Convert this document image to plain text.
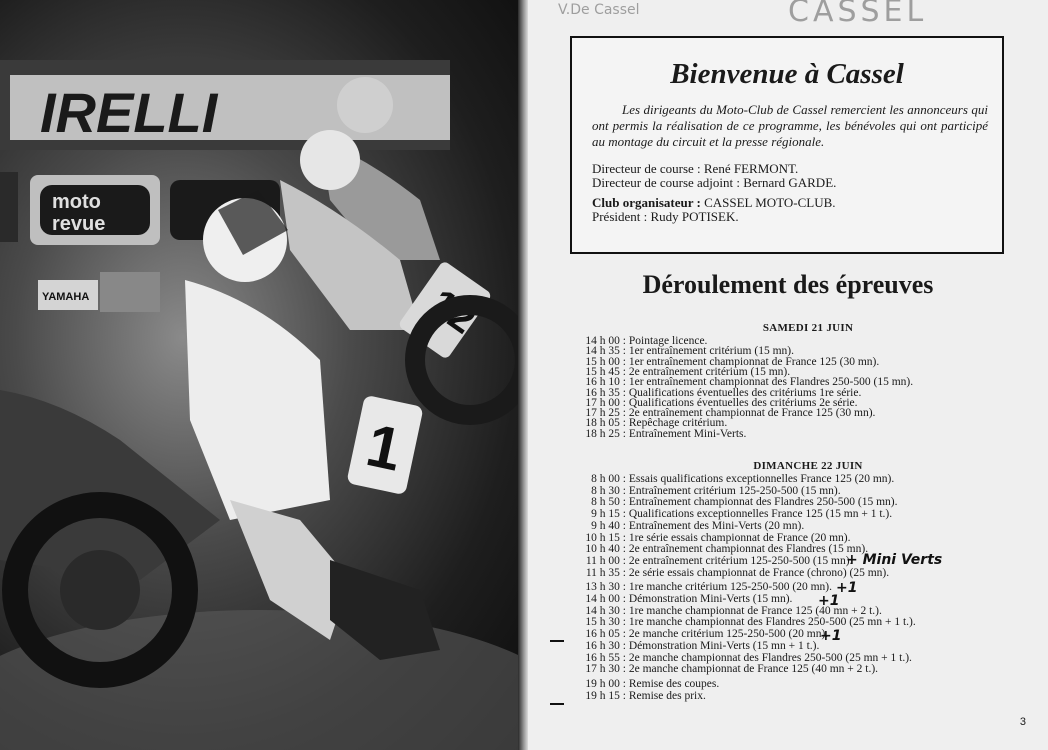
IRELLI
moto
revue
YAMAHA	12
1
CASSEL
V.De Cassel
Bienvenue à Cassel
Les dirigeants du Moto-Club de Cassel remercient les annonceurs qui ont permis la réalisation de ce programme, les bénévoles qui ont participé au montage du circuit et la presse régionale.
Directeur de course : René FERMONT.
Directeur de course adjoint : Bernard GARDE.
Club organisateur : CASSEL MOTO-CLUB.
Président : Rudy POTISEK.
Déroulement des épreuves
SAMEDI 21 JUIN
14 h 00 : Pointage licence.
14 h 35 : 1er entraînement critérium (15 mn).
15 h 00 : 1er entraînement championnat de France 125 (30 mn).
15 h 45 : 2e entraînement critérium (15 mn).
16 h 10 : 1er entraînement championnat des Flandres 250-500 (15 mn).
16 h 35 : Qualifications éventuelles des critériums 1re série.
17 h 00 : Qualifications éventuelles des critériums 2e série.
17 h 25 : 2e entraînement championnat de France 125 (30 mn).
18 h 05 : Repêchage critérium.
18 h 25 : Entraînement Mini-Verts.
DIMANCHE 22 JUIN
8 h 00 : Essais qualifications exceptionnelles France 125 (20 mn).
8 h 30 : Entraînement critérium 125-250-500 (15 mn).
8 h 50 : Entraînement championnat des Flandres 250-500 (15 mn).
9 h 15 : Qualifications exceptionnelles France 125 (15 mn + 1 t.).
9 h 40 : Entraînement des Mini-Verts (20 mn).
10 h 15 : 1re série essais championnat de France (20 mn).
10 h 40 : 2e entraînement championnat des Flandres (15 mn).
11 h 00 : 2e entraînement critérium 125-250-500 (15 mn).
11 h 35 : 2e série essais championnat de France (chrono) (25 mn).
13 h 30 : 1re manche critérium 125-250-500 (20 mn).
14 h 00 : Démonstration Mini-Verts (15 mn).
14 h 30 : 1re manche championnat de France 125 (40 mn + 2 t.).
15 h 30 : 1re manche championnat des Flandres 250-500 (25 mn + 1 t.).
16 h 05 : 2e manche critérium 125-250-500 (20 mn).
16 h 30 : Démonstration Mini-Verts (15 mn + 1 t.).
16 h 55 : 2e manche championnat des Flandres 250-500 (25 mn + 1 t.).
17 h 30 : 2e manche championnat de France 125 (40 mn + 2 t.).
19 h 00 : Remise des coupes.
19 h 15 : Remise des prix.
+ Mini Verts
+1
+1
+1
3
